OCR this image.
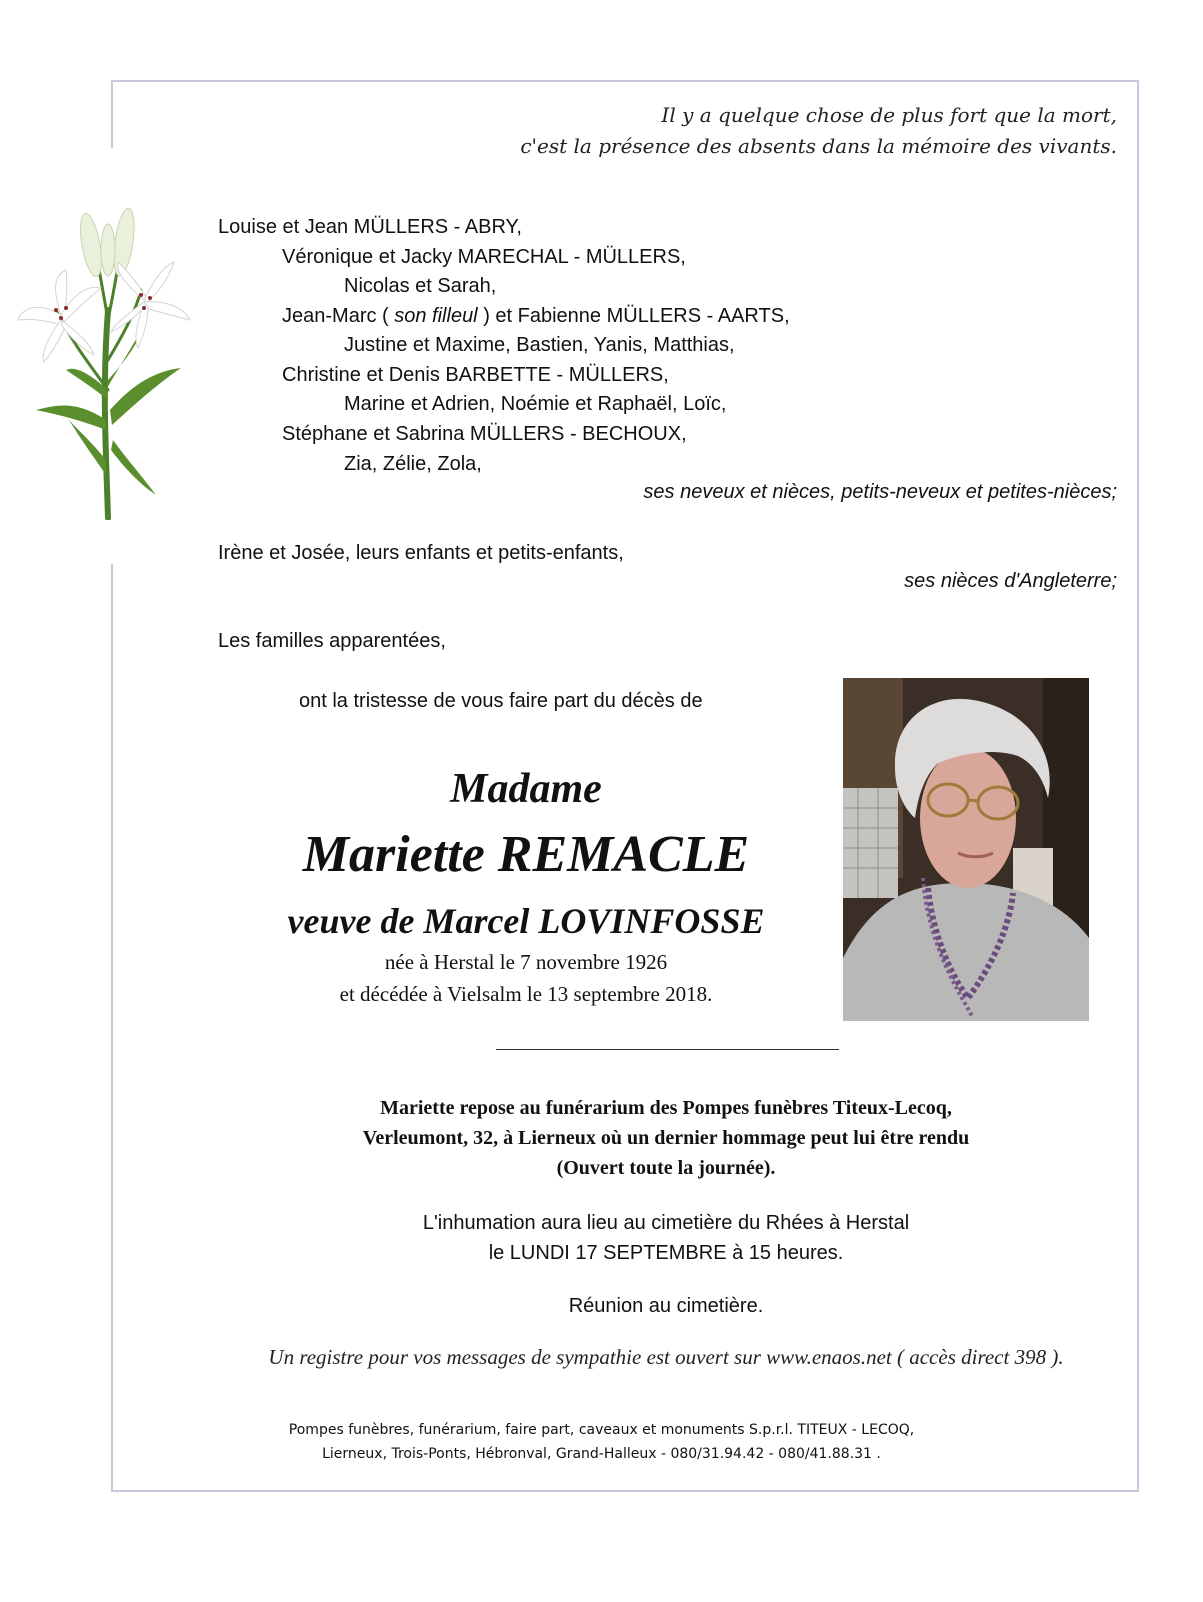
Il y a quelque chose de plus fort que la mort,
c'est la présence des absents dans la mémoire des vivants.
Louise et Jean MÜLLERS - ABRY,
Véronique et Jacky MARECHAL - MÜLLERS,
Nicolas et Sarah,
Jean-Marc ( son filleul ) et Fabienne MÜLLERS - AARTS,
Justine et Maxime, Bastien, Yanis, Matthias,
Christine et Denis BARBETTE - MÜLLERS,
Marine et Adrien, Noémie et Raphaël, Loïc,
Stéphane et Sabrina MÜLLERS - BECHOUX,
Zia, Zélie, Zola,
ses neveux et nièces, petits-neveux et petites-nièces;
Irène et Josée, leurs enfants et petits-enfants,
ses nièces d'Angleterre;
Les familles apparentées,
ont la tristesse de vous faire part du décès de
Madame
Mariette REMACLE
veuve de Marcel LOVINFOSSE
née à Herstal le 7 novembre 1926
et décédée à Vielsalm le 13 septembre 2018.
Mariette repose au funérarium des Pompes funèbres Titeux-Lecoq,
Verleumont, 32, à Lierneux où un dernier hommage peut lui être rendu
(Ouvert toute la journée).
L'inhumation aura lieu au cimetière du Rhées à Herstal
le LUNDI 17 SEPTEMBRE à 15 heures.
Réunion au cimetière.
Un registre pour vos messages de sympathie est ouvert sur www.enaos.net ( accès direct 398 ).
Pompes funèbres, funérarium, faire part, caveaux et monuments S.p.r.l. TITEUX - LECOQ,
Lierneux, Trois-Ponts, Hébronval, Grand-Halleux - 080/31.94.42 - 080/41.88.31 .
